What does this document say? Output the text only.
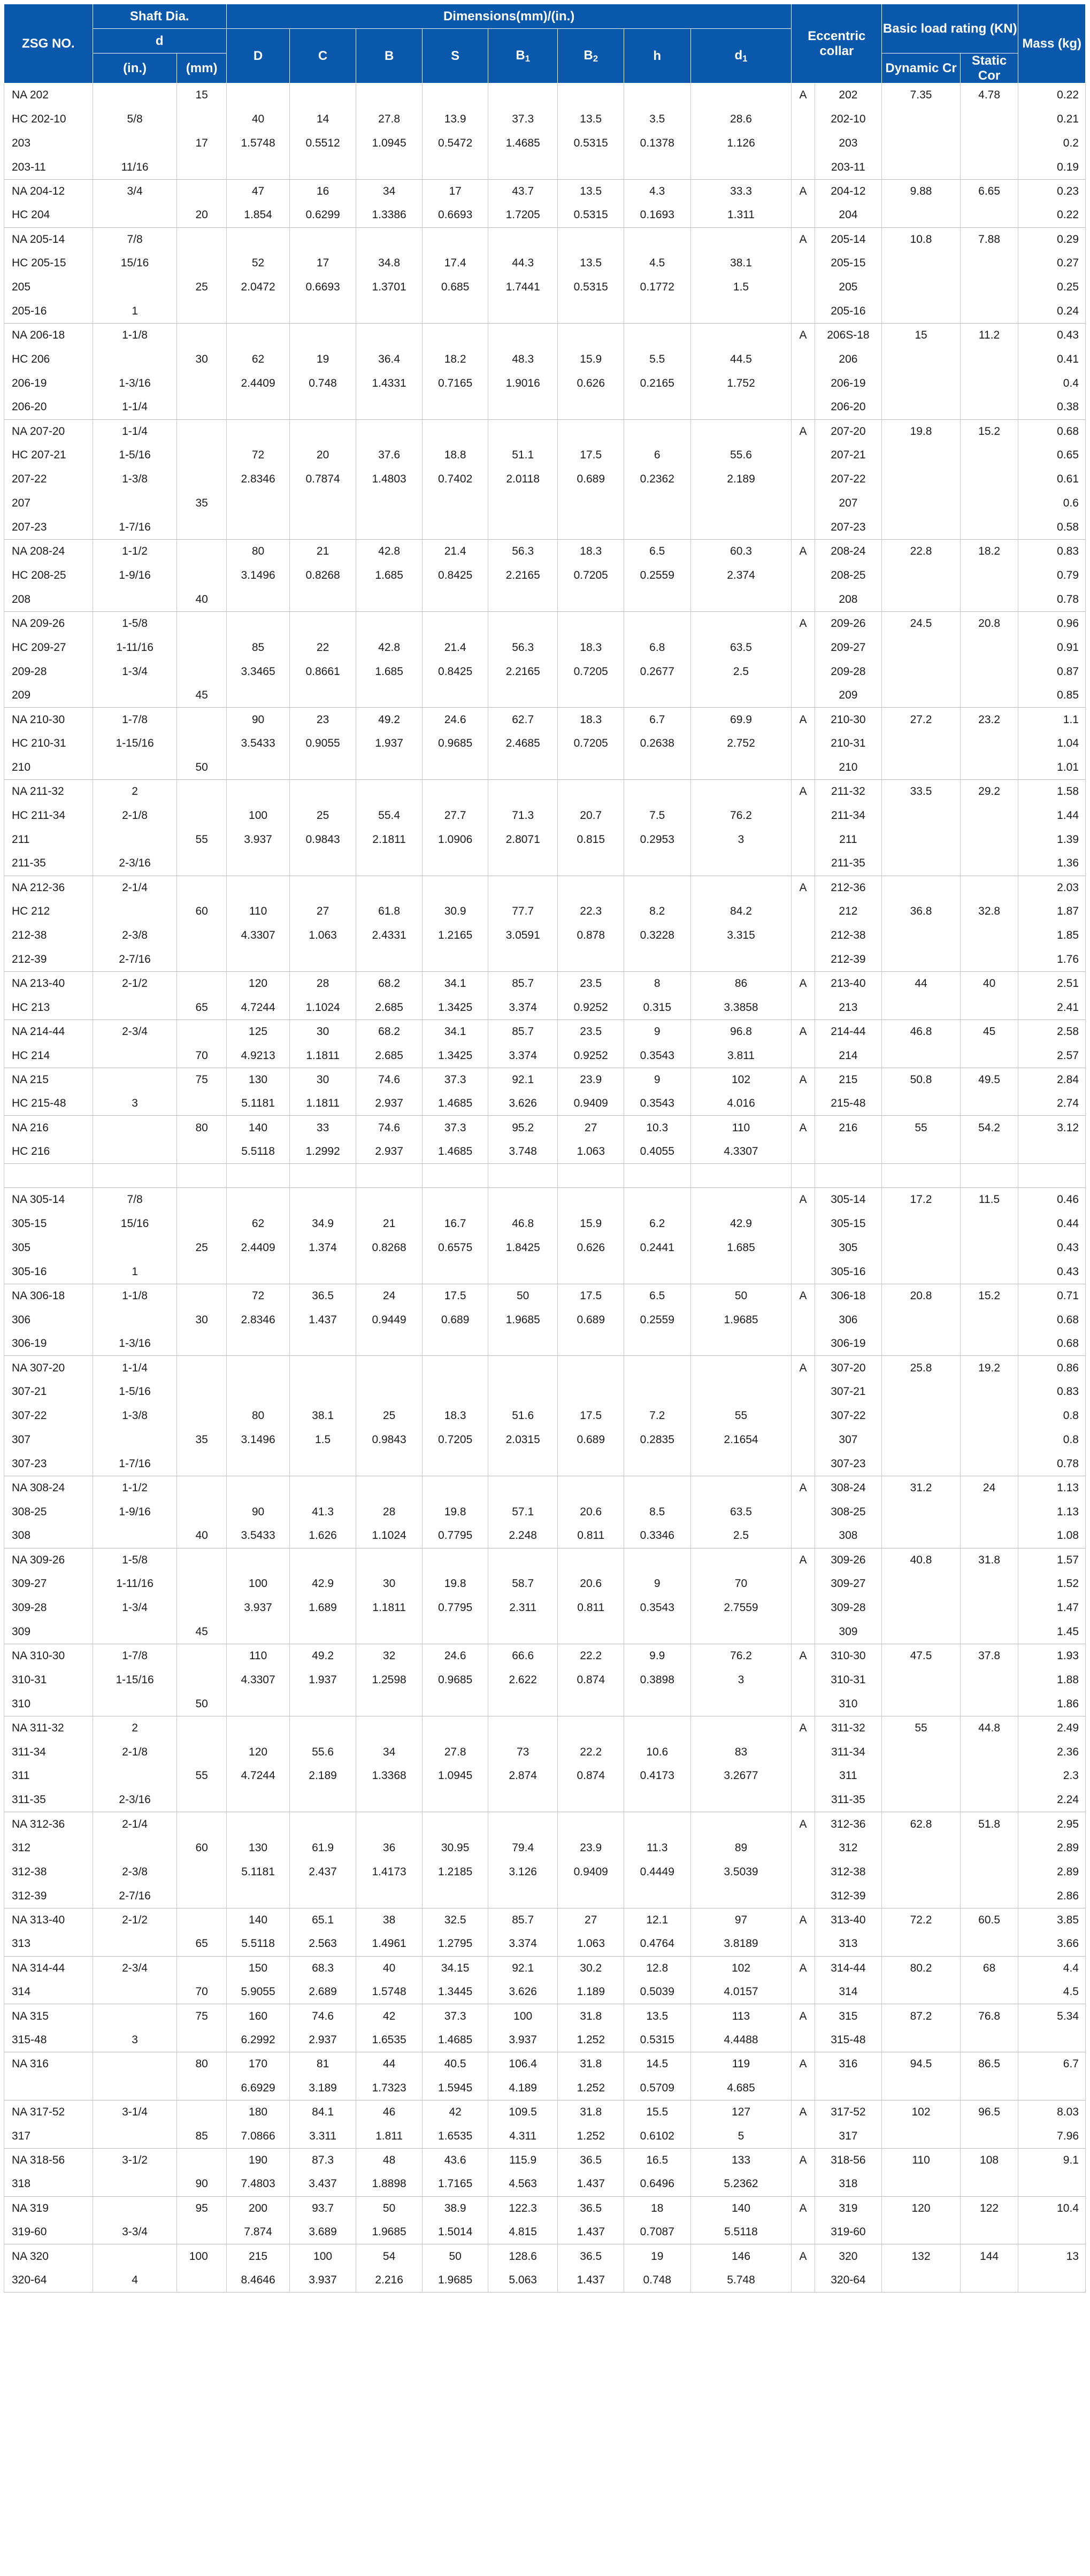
ZSG NO.	Shaft Dia.		Dimensions(mm)/(in.)								Eccentric collar		Basic load rating (KN)		Mass (kg)
	d		D	C	B	S	$B_1$	$B_2$	h	$d_1$
	(in.)	(mm)											Dynamic Cr	Static Cor	
NA 202		15									A	202	7.35	4.78	0.22
HC 202-10	5/8		40	14	27.8	13.9	37.3	13.5	3.5	28.6		202-10			0.21
203		17	1.5748	0.5512	1.0945	0.5472	1.4685	0.5315	0.1378	1.126		203			0.2
203-11	11/16											203-11			0.19
NA 204-12	3/4		47	16	34	17	43.7	13.5	4.3	33.3	A	204-12	9.88	6.65	0.23
HC 204		20	1.854	0.6299	1.3386	0.6693	1.7205	0.5315	0.1693	1.311		204			0.22
NA 205-14	7/8										A	205-14	10.8	7.88	0.29
HC 205-15	15/16		52	17	34.8	17.4	44.3	13.5	4.5	38.1		205-15			0.27
205		25	2.0472	0.6693	1.3701	0.685	1.7441	0.5315	0.1772	1.5		205			0.25
205-16	1											205-16			0.24
NA 206-18	1-1/8										A	206S-18	15	11.2	0.43
HC 206		30	62	19	36.4	18.2	48.3	15.9	5.5	44.5		206			0.41
206-19	1-3/16		2.4409	0.748	1.4331	0.7165	1.9016	0.626	0.2165	1.752		206-19			0.4
206-20	1-1/4											206-20			0.38
NA 207-20	1-1/4										A	207-20	19.8	15.2	0.68
HC 207-21	1-5/16		72	20	37.6	18.8	51.1	17.5	6	55.6		207-21			0.65
207-22	1-3/8		2.8346	0.7874	1.4803	0.7402	2.0118	0.689	0.2362	2.189		207-22			0.61
207		35										207			0.6
207-23	1-7/16											207-23			0.58
NA 208-24	1-1/2		80	21	42.8	21.4	56.3	18.3	6.5	60.3	A	208-24	22.8	18.2	0.83
HC 208-25	1-9/16		3.1496	0.8268	1.685	0.8425	2.2165	0.7205	0.2559	2.374		208-25			0.79
208		40										208			0.78
NA 209-26	1-5/8										A	209-26	24.5	20.8	0.96
HC 209-27	1-11/16		85	22	42.8	21.4	56.3	18.3	6.8	63.5		209-27			0.91
209-28	1-3/4		3.3465	0.8661	1.685	0.8425	2.2165	0.7205	0.2677	2.5		209-28			0.87
209		45										209			0.85
NA 210-30	1-7/8		90	23	49.2	24.6	62.7	18.3	6.7	69.9	A	210-30	27.2	23.2	1.1
HC 210-31	1-15/16		3.5433	0.9055	1.937	0.9685	2.4685	0.7205	0.2638	2.752		210-31			1.04
210		50										210			1.01
NA 211-32	2										A	211-32	33.5	29.2	1.58
HC 211-34	2-1/8		100	25	55.4	27.7	71.3	20.7	7.5	76.2		211-34			1.44
211		55	3.937	0.9843	2.1811	1.0906	2.8071	0.815	0.2953	3		211			1.39
211-35	2-3/16											211-35			1.36
NA 212-36	2-1/4										A	212-36			2.03
HC 212		60	110	27	61.8	30.9	77.7	22.3	8.2	84.2		212	36.8	32.8	1.87
212-38	2-3/8		4.3307	1.063	2.4331	1.2165	3.0591	0.878	0.3228	3.315		212-38			1.85
212-39	2-7/16											212-39			1.76
NA 213-40	2-1/2		120	28	68.2	34.1	85.7	23.5	8	86	A	213-40	44	40	2.51
HC 213		65	4.7244	1.1024	2.685	1.3425	3.374	0.9252	0.315	3.3858		213			2.41
NA 214-44	2-3/4		125	30	68.2	34.1	85.7	23.5	9	96.8	A	214-44	46.8	45	2.58
HC 214		70	4.9213	1.1811	2.685	1.3425	3.374	0.9252	0.3543	3.811		214			2.57
NA 215		75	130	30	74.6	37.3	92.1	23.9	9	102	A	215	50.8	49.5	2.84
HC 215-48	3		5.1181	1.1811	2.937	1.4685	3.626	0.9409	0.3543	4.016		215-48			2.74
NA 216		80	140	33	74.6	37.3	95.2	27	10.3	110	A	216	55	54.2	3.12
HC 216			5.5118	1.2992	2.937	1.4685	3.748	1.063	0.4055	4.3307					

NA 305-14	7/8										A	305-14	17.2	11.5	0.46
305-15	15/16		62	34.9	21	16.7	46.8	15.9	6.2	42.9		305-15			0.44
305		25	2.4409	1.374	0.8268	0.6575	1.8425	0.626	0.2441	1.685		305			0.43
305-16	1											305-16			0.43
NA 306-18	1-1/8		72	36.5	24	17.5	50	17.5	6.5	50	A	306-18	20.8	15.2	0.71
306		30	2.8346	1.437	0.9449	0.689	1.9685	0.689	0.2559	1.9685		306			0.68
306-19	1-3/16											306-19			0.68
NA 307-20	1-1/4										A	307-20	25.8	19.2	0.86
307-21	1-5/16											307-21			0.83
307-22	1-3/8		80	38.1	25	18.3	51.6	17.5	7.2	55		307-22			0.8
307		35	3.1496	1.5	0.9843	0.7205	2.0315	0.689	0.2835	2.1654		307			0.8
307-23	1-7/16											307-23			0.78
NA 308-24	1-1/2										A	308-24	31.2	24	1.13
308-25	1-9/16		90	41.3	28	19.8	57.1	20.6	8.5	63.5		308-25			1.13
308		40	3.5433	1.626	1.1024	0.7795	2.248	0.811	0.3346	2.5		308			1.08
NA 309-26	1-5/8										A	309-26	40.8	31.8	1.57
309-27	1-11/16		100	42.9	30	19.8	58.7	20.6	9	70		309-27			1.52
309-28	1-3/4		3.937	1.689	1.1811	0.7795	2.311	0.811	0.3543	2.7559		309-28			1.47
309		45										309			1.45
NA 310-30	1-7/8		110	49.2	32	24.6	66.6	22.2	9.9	76.2	A	310-30	47.5	37.8	1.93
310-31	1-15/16		4.3307	1.937	1.2598	0.9685	2.622	0.874	0.3898	3		310-31			1.88
310		50										310			1.86
NA 311-32	2										A	311-32	55	44.8	2.49
311-34	2-1/8		120	55.6	34	27.8	73	22.2	10.6	83		311-34			2.36
311		55	4.7244	2.189	1.3368	1.0945	2.874	0.874	0.4173	3.2677		311			2.3
311-35	2-3/16											311-35			2.24
NA 312-36	2-1/4										A	312-36	62.8	51.8	2.95
312		60	130	61.9	36	30.95	79.4	23.9	11.3	89		312			2.89
312-38	2-3/8		5.1181	2.437	1.4173	1.2185	3.126	0.9409	0.4449	3.5039		312-38			2.89
312-39	2-7/16											312-39			2.86
NA 313-40	2-1/2		140	65.1	38	32.5	85.7	27	12.1	97	A	313-40	72.2	60.5	3.85
313		65	5.5118	2.563	1.4961	1.2795	3.374	1.063	0.4764	3.8189		313			3.66
NA 314-44	2-3/4		150	68.3	40	34.15	92.1	30.2	12.8	102	A	314-44	80.2	68	4.4
314		70	5.9055	2.689	1.5748	1.3445	3.626	1.189	0.5039	4.0157		314			4.5
NA 315		75	160	74.6	42	37.3	100	31.8	13.5	113	A	315	87.2	76.8	5.34
315-48	3		6.2992	2.937	1.6535	1.4685	3.937	1.252	0.5315	4.4488		315-48			
NA 316		80	170	81	44	40.5	106.4	31.8	14.5	119	A	316	94.5	86.5	6.7
			6.6929	3.189	1.7323	1.5945	4.189	1.252	0.5709	4.685					
NA 317-52	3-1/4		180	84.1	46	42	109.5	31.8	15.5	127	A	317-52	102	96.5	8.03
317		85	7.0866	3.311	1.811	1.6535	4.311	1.252	0.6102	5		317			7.96
NA 318-56	3-1/2		190	87.3	48	43.6	115.9	36.5	16.5	133	A	318-56	110	108	9.1
318		90	7.4803	3.437	1.8898	1.7165	4.563	1.437	0.6496	5.2362		318			
NA 319		95	200	93.7	50	38.9	122.3	36.5	18	140	A	319	120	122	10.4
319-60	3-3/4		7.874	3.689	1.9685	1.5014	4.815	1.437	0.7087	5.5118		319-60			
NA 320		100	215	100	54	50	128.6	36.5	19	146	A	320	132	144	13
320-64	4		8.4646	3.937	2.216	1.9685	5.063	1.437	0.748	5.748		320-64			
